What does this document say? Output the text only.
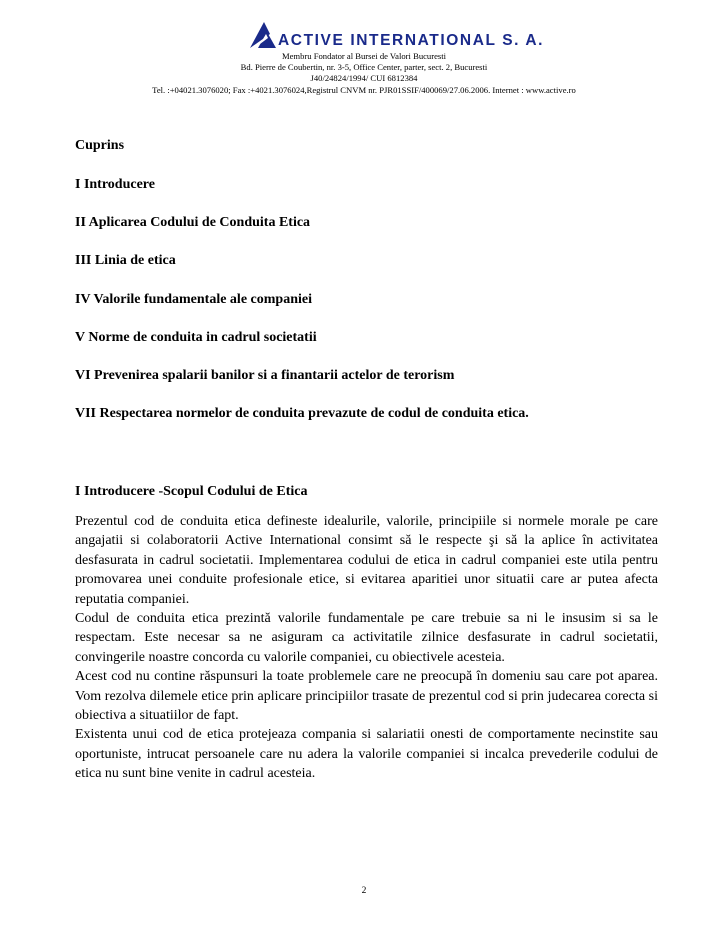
ACTIVE INTERNATIONAL S. A.
Membru Fondator al Bursei de Valori Bucuresti
Bd. Pierre de Coubertin, nr. 3-5, Office Center, parter, sect. 2, Bucuresti
J40/24824/1994/ CUI 6812384
Tel. :+04021.3076020; Fax :+4021.3076024,Registrul CNVM nr. PJR01SSIF/400069/27.06.2006. Internet : www.active.ro
Cuprins
I Introducere
II Aplicarea Codului de Conduita Etica
III Linia de etica
IV Valorile fundamentale ale companiei
V Norme de conduita in cadrul societatii
VI Prevenirea spalarii banilor si a finantarii actelor de terorism
VII Respectarea normelor de conduita prevazute de codul de conduita etica.
I Introducere -Scopul Codului de Etica

Prezentul cod de conduita etica defineste idealurile, valorile, principiile si normele morale pe care angajatii si colaboratorii Active International consimt să le respecte şi să la aplice în activitatea desfasurata in cadrul societatii. Implementarea codului de etica in cadrul companiei este utila pentru promovarea unei conduite profesionale etice, si evitarea aparitiei unor situatii care ar putea afecta reputatia companiei.

Codul de conduita etica prezintă valorile fundamentale pe care trebuie sa ni le insusim si sa le respectam. Este necesar sa ne asiguram ca activitatile zilnice desfasurate in cadrul societatii, convingerile noastre concorda cu valorile companiei, cu obiectivele acesteia.

Acest cod nu contine răspunsuri la toate problemele care ne preocupă în domeniu sau care pot aparea. Vom rezolva dilemele etice prin aplicare principiilor trasate de prezentul cod si prin judecarea corecta si obiectiva a situatiilor de fapt.

Existenta unui cod de etica protejeaza compania si salariatii onesti de comportamente necinstite sau oportuniste, intrucat persoanele care nu adera la valorile companiei si incalca prevederile codului de etica nu sunt bine venite in cadrul acesteia.

2
